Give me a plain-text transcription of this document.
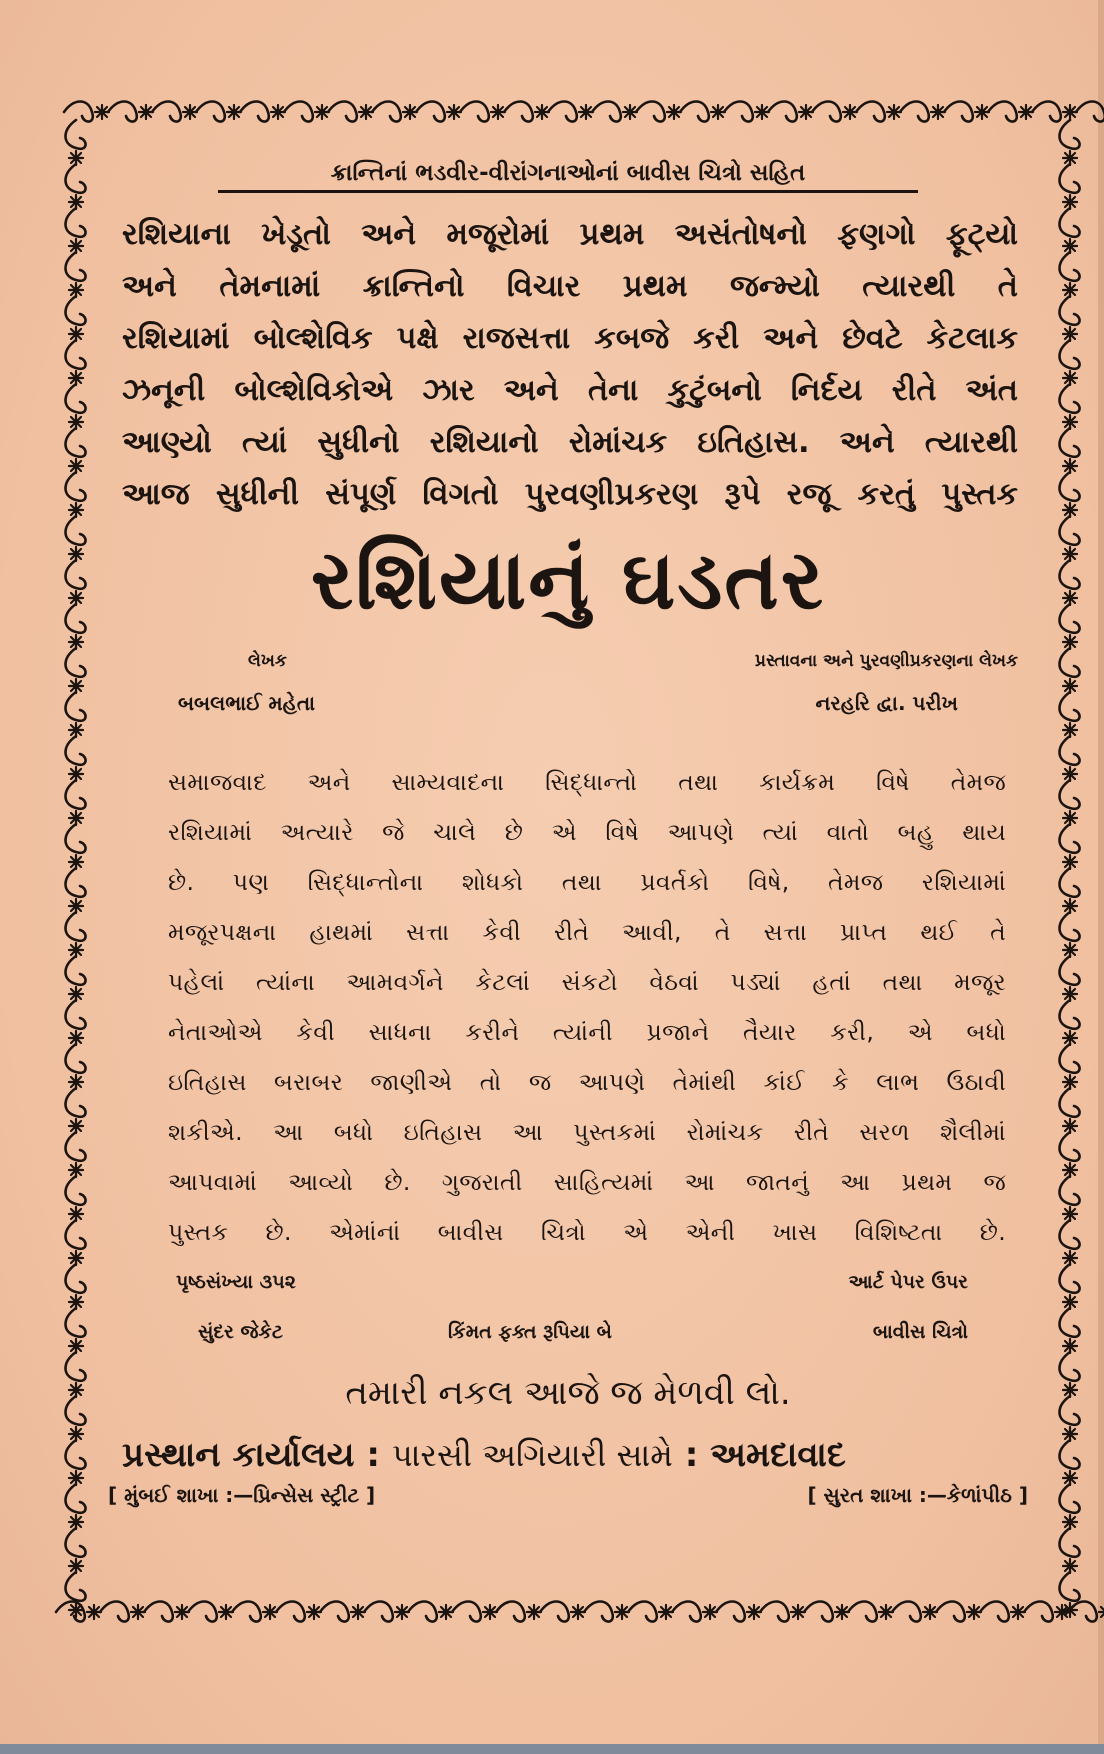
ક્રાન્તિનાં ભડવીર-વીરાંગનાઓનાં બાવીસ ચિત્રો સહિત
રશિયાના ખેડૂતો અને મજૂરોમાં પ્રથમ અસંતોષનો ફણગો ફૂટ્યો
અને તેમનામાં ક્રાન્તિનો વિચાર પ્રથમ જન્મ્યો ત્યારથી તે
રશિયામાં બોલ્શેવિક પક્ષે રાજસત્તા કબજે કરી અને છેવટે કેટલાક
ઝનૂની બોલ્શેવિકોએ ઝાર અને તેના કુટુંબનો નિર્દય રીતે અંત
આણ્યો ત્યાં સુધીનો રશિયાનો રોમાંચક ઇતિહાસ. અને ત્યારથી
આજ સુધીની સંપૂર્ણ વિગતો પુરવણીપ્રકરણ રૂપે રજૂ કરતું પુસ્તક
રશિયાનું ઘડતર
લેખક
બબલભાઈ મહેતા
પ્રસ્તાવના અને પુરવણીપ્રકરણના લેખક
નરહરિ દ્વા. પરીખ
સમાજવાદ અને સામ્યવાદના સિદ્ધાન્તો તથા કાર્યક્રમ વિષે તેમજ
રશિયામાં અત્યારે જે ચાલે છે એ વિષે આપણે ત્યાં વાતો બહુ થાય
છે. પણ સિદ્ધાન્તોના શોધકો તથા પ્રવર્તકો વિષે, તેમજ રશિયામાં
મજૂરપક્ષના હાથમાં સત્તા કેવી રીતે આવી, તે સત્તા પ્રાપ્ત થઈ તે
પહેલાં ત્યાંના આમવર્ગને કેટલાં સંકટો વેઠવાં પડ્યાં હતાં તથા મજૂર
નેતાઓએ કેવી સાધના કરીને ત્યાંની પ્રજાને તૈયાર કરી, એ બધો
ઇતિહાસ બરાબર જાણીએ તો જ આપણે તેમાંથી કાંઈ કે લાભ ઉઠાવી
શકીએ. આ બધો ઇતિહાસ આ પુસ્તકમાં રોમાંચક રીતે સરળ શૈલીમાં
આપવામાં આવ્યો છે. ગુજરાતી સાહિત્યમાં આ જાતનું આ પ્રથમ જ
પુસ્તક છે. એમાંનાં બાવીસ ચિત્રો એ એની ખાસ વિશિષ્ટતા છે.
પૃષ્ઠસંખ્યા ૩૫૨	આર્ટ પેપર ઉપર
સુંદર જેકેટ	કિંમત ફક્ત રૂપિયા બે	બાવીસ ચિત્રો
તમારી નકલ આજે જ મેળવી લો.
પ્રસ્થાન કાર્યાલય : પારસી અગિયારી સામે : અમદાવાદ
[ મુંબઈ શાખા :—પ્રિન્સેસ સ્ટ્રીટ ]	[ સુરત શાખા :—કેળાંપીઠ ]
